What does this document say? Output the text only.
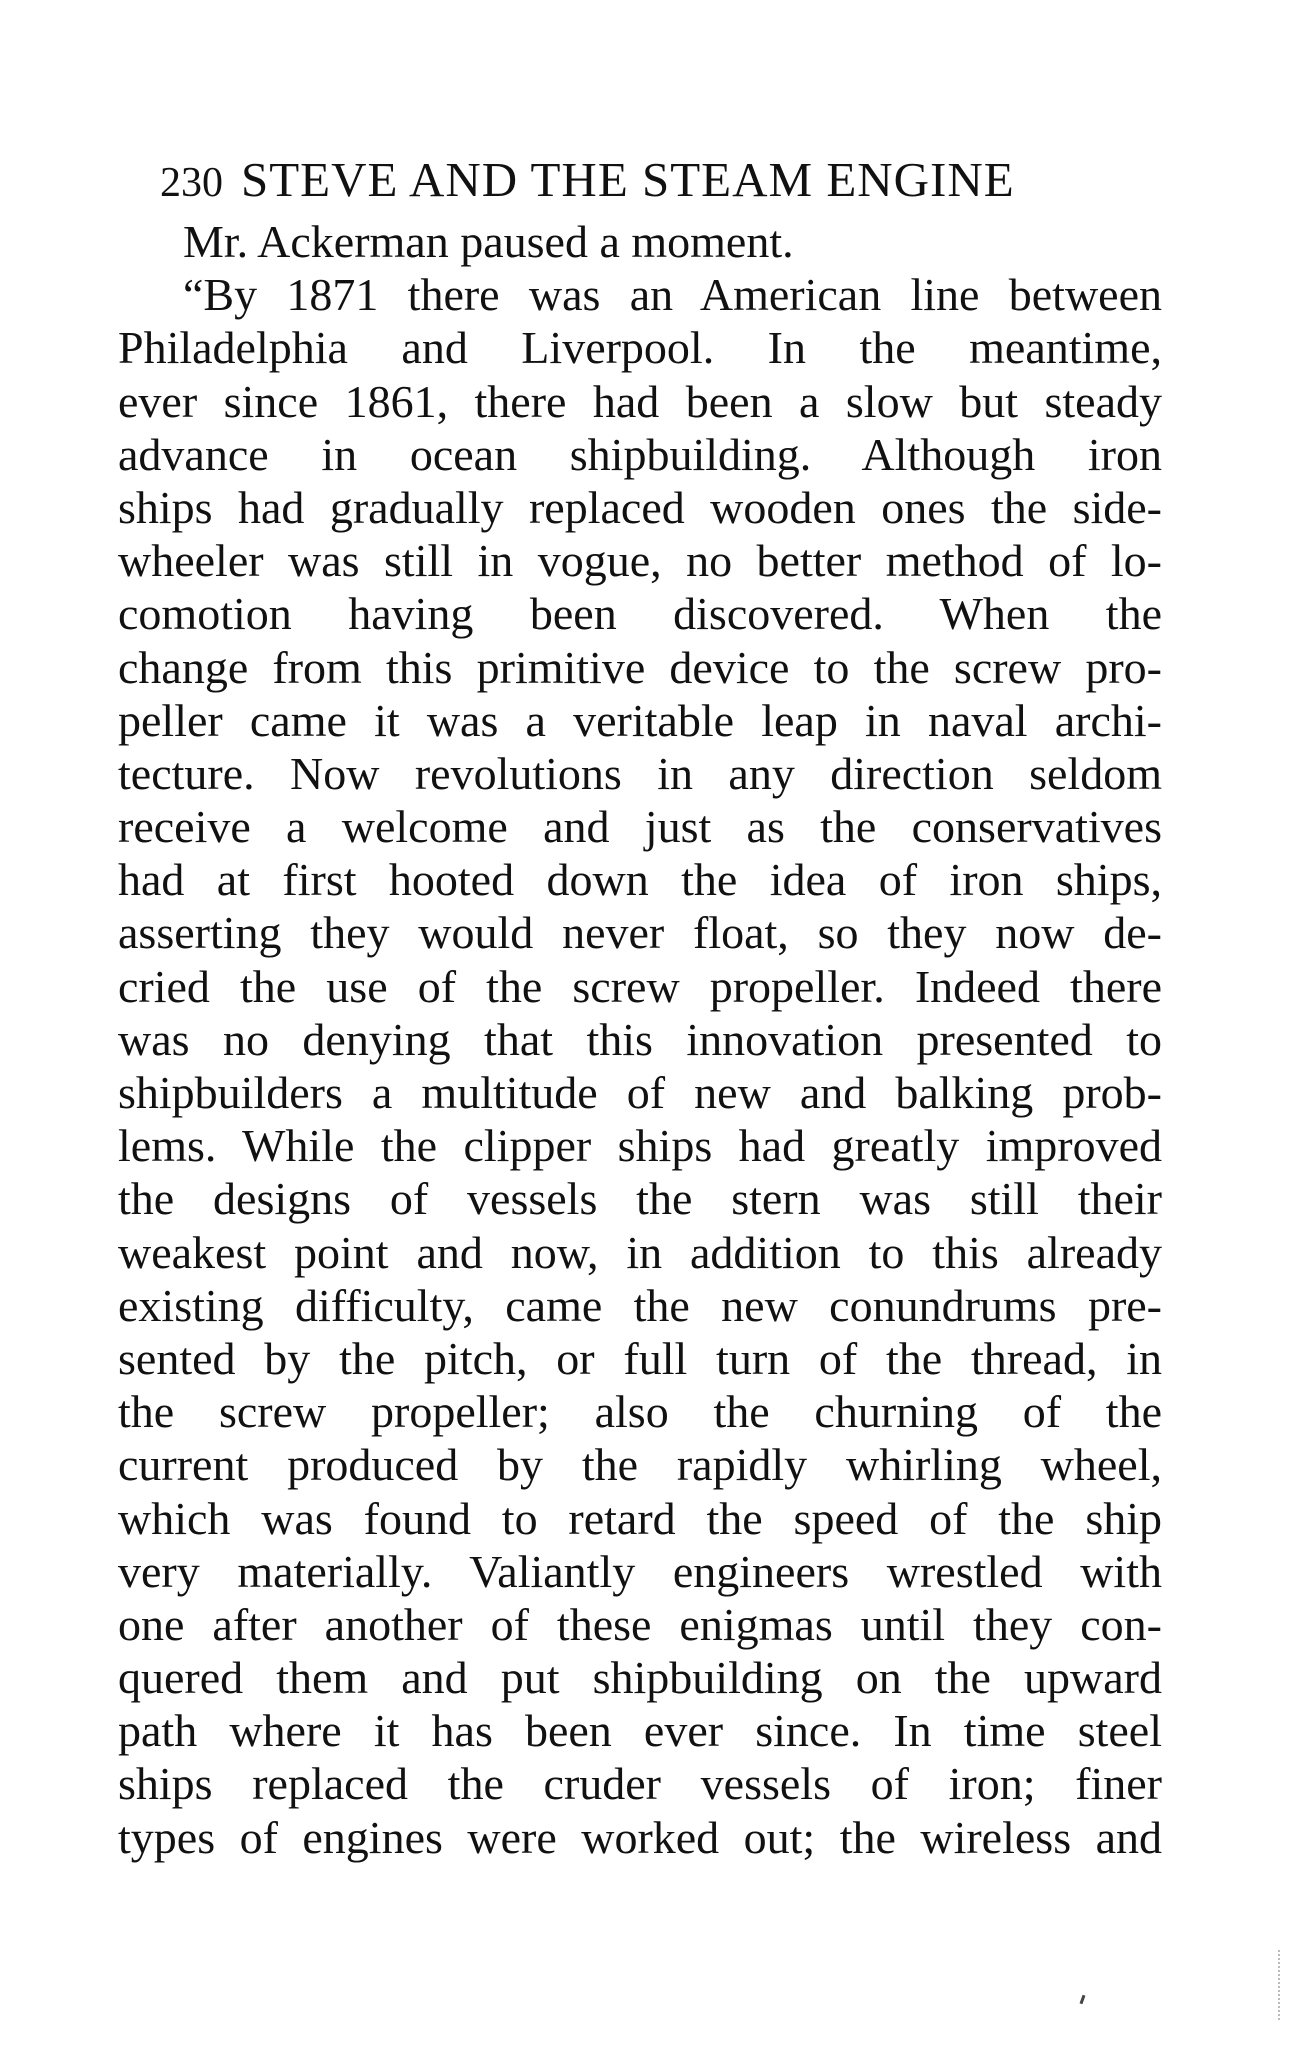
230 STEVE AND THE STEAM ENGINE
Mr. Ackerman paused a moment.
“By 1871 there was an American line between
Philadelphia and Liverpool. In the meantime,
ever since 1861, there had been a slow but steady
advance in ocean shipbuilding. Although iron
ships had gradually replaced wooden ones the side-
wheeler was still in vogue, no better method of lo-
comotion having been discovered. When the
change from this primitive device to the screw pro-
peller came it was a veritable leap in naval archi-
tecture. Now revolutions in any direction seldom
receive a welcome and just as the conservatives
had at first hooted down the idea of iron ships,
asserting they would never float, so they now de-
cried the use of the screw propeller. Indeed there
was no denying that this innovation presented to
shipbuilders a multitude of new and balking prob-
lems. While the clipper ships had greatly improved
the designs of vessels the stern was still their
weakest point and now, in addition to this already
existing difficulty, came the new conundrums pre-
sented by the pitch, or full turn of the thread, in
the screw propeller; also the churning of the
current produced by the rapidly whirling wheel,
which was found to retard the speed of the ship
very materially. Valiantly engineers wrestled with
one after another of these enigmas until they con-
quered them and put shipbuilding on the upward
path where it has been ever since. In time steel
ships replaced the cruder vessels of iron; finer
types of engines were worked out; the wireless and
